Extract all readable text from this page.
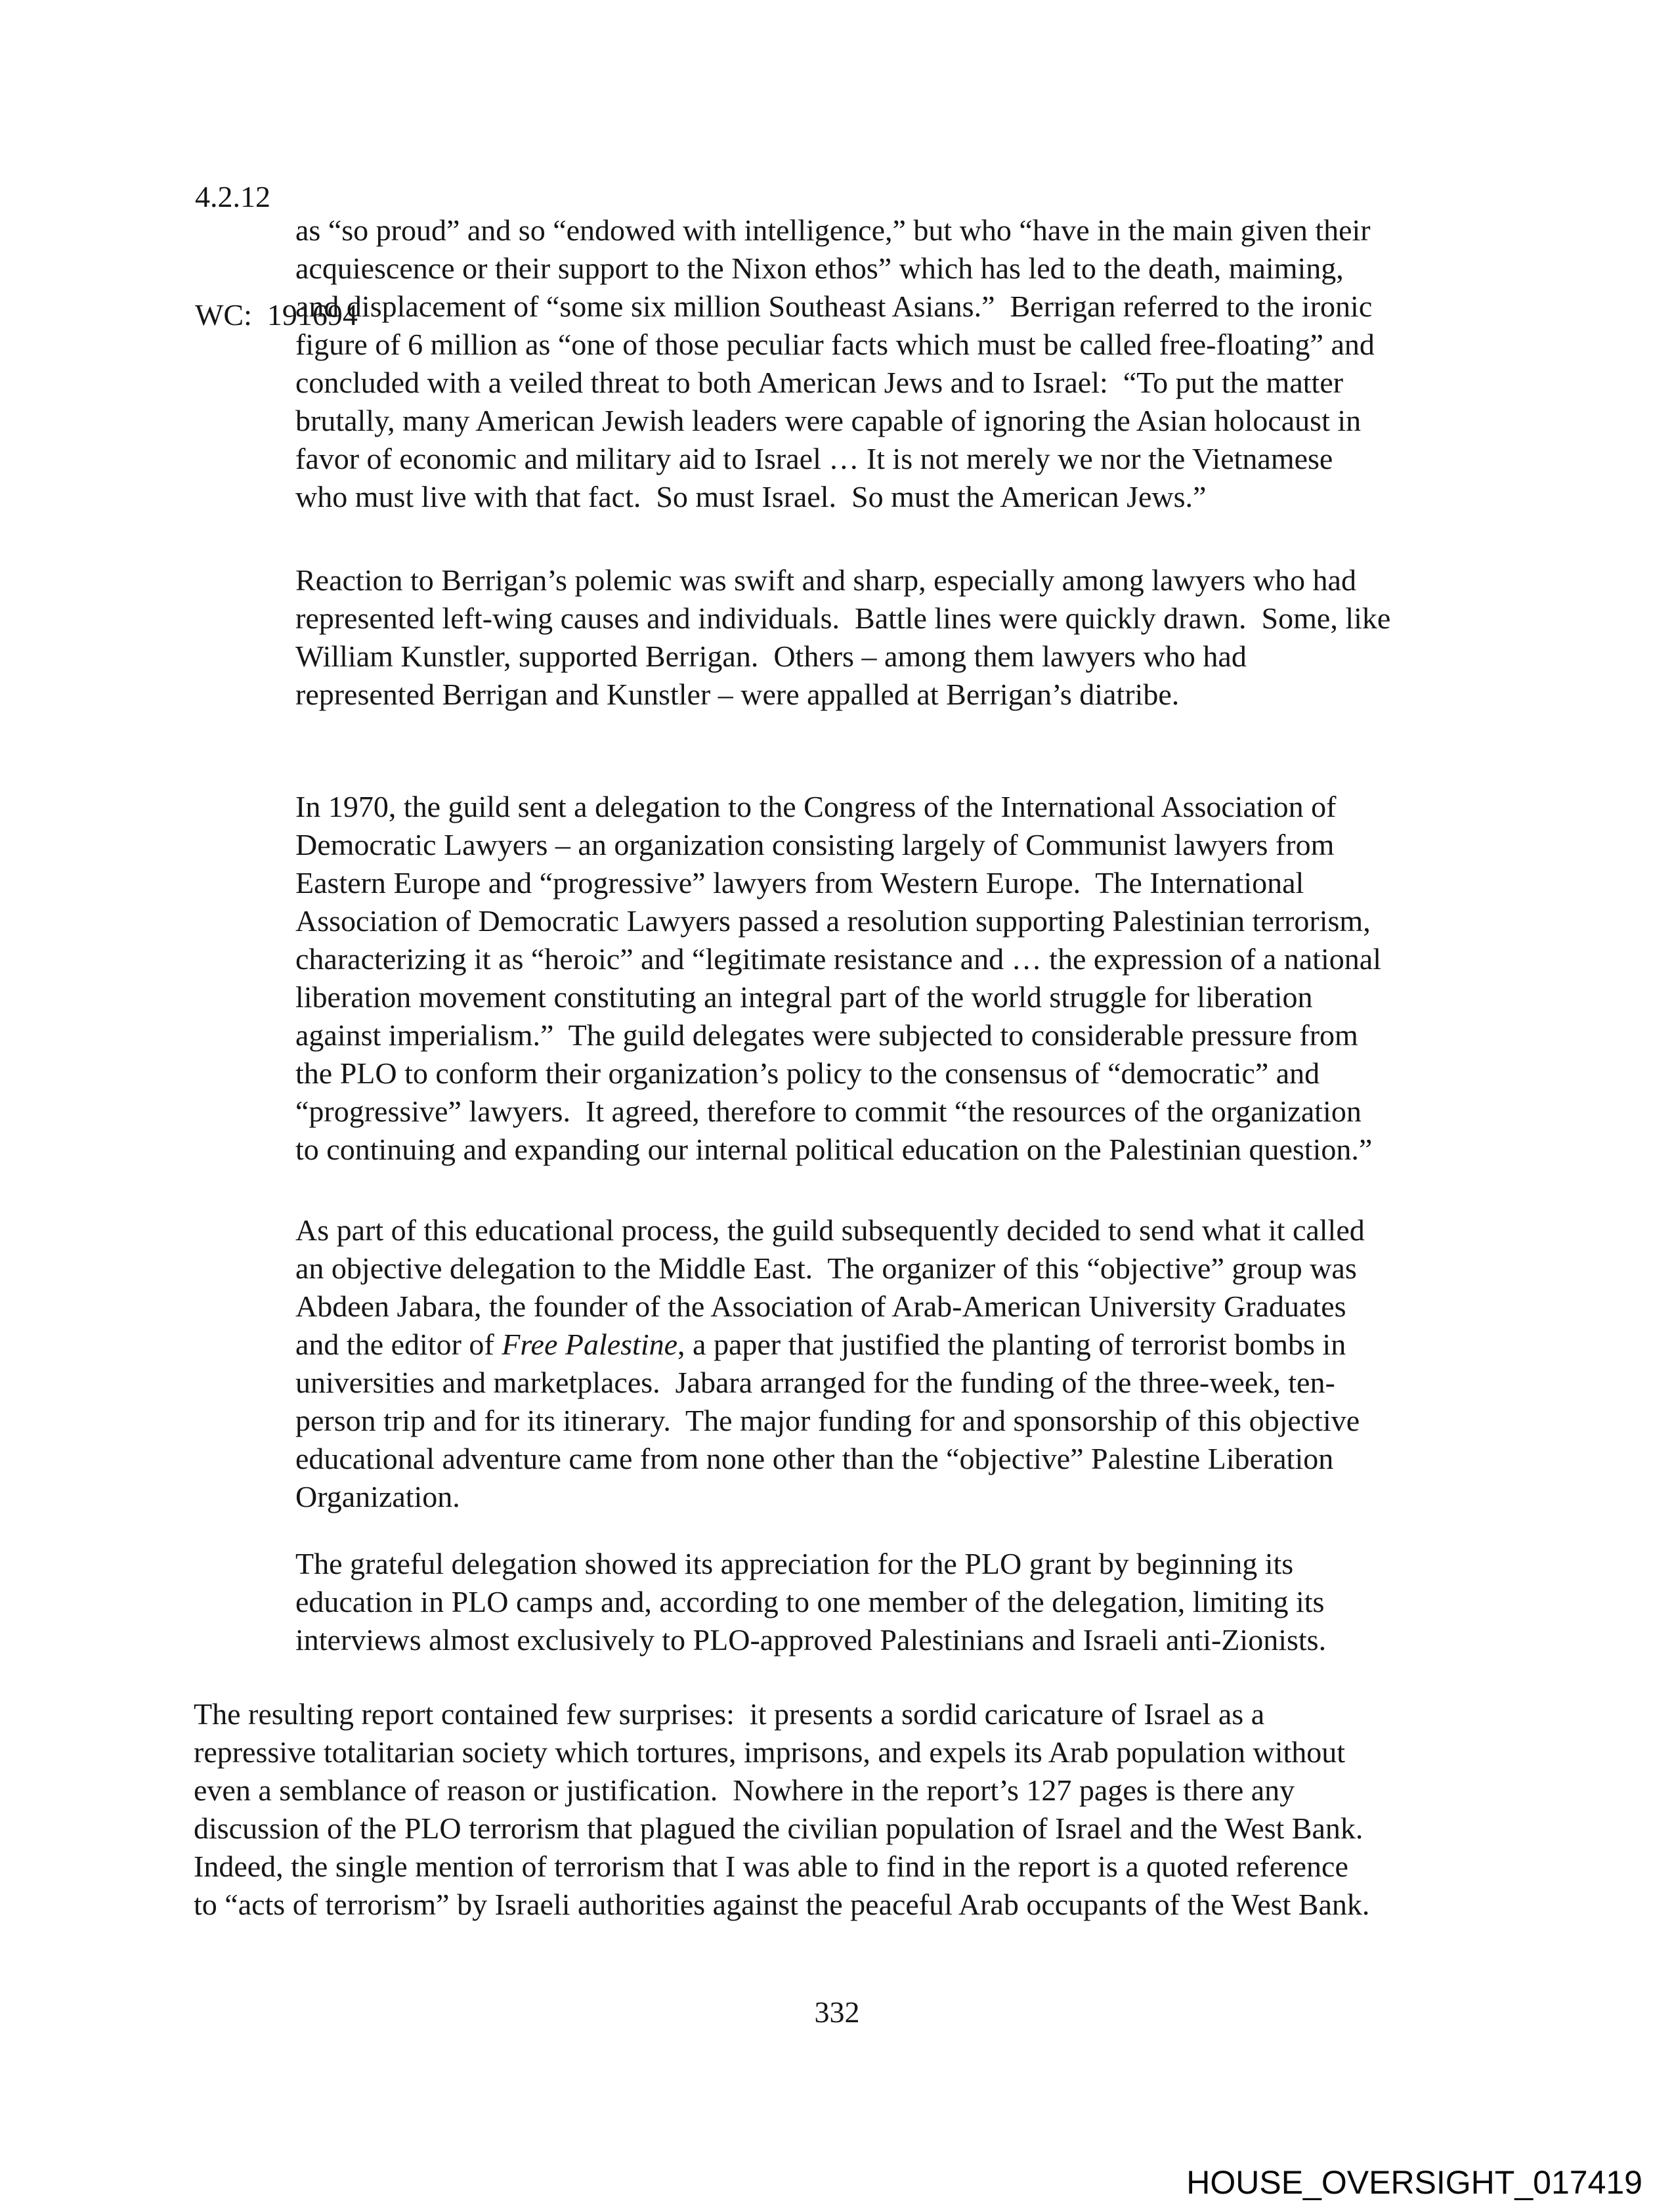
4.2.12

WC:  191694

as “so proud” and so “endowed with intelligence,” but who “have in the main given their
acquiescence or their support to the Nixon ethos” which has led to the death, maiming,
and displacement of “some six million Southeast Asians.”  Berrigan referred to the ironic
figure of 6 million as “one of those peculiar facts which must be called free-floating” and
concluded with a veiled threat to both American Jews and to Israel:  “To put the matter
brutally, many American Jewish leaders were capable of ignoring the Asian holocaust in
favor of economic and military aid to Israel … It is not merely we nor the Vietnamese
who must live with that fact.  So must Israel.  So must the American Jews.”
Reaction to Berrigan’s polemic was swift and sharp, especially among lawyers who had
represented left-wing causes and individuals.  Battle lines were quickly drawn.  Some, like
William Kunstler, supported Berrigan.  Others – among them lawyers who had
represented Berrigan and Kunstler – were appalled at Berrigan’s diatribe.
In 1970, the guild sent a delegation to the Congress of the International Association of
Democratic Lawyers – an organization consisting largely of Communist lawyers from
Eastern Europe and “progressive” lawyers from Western Europe.  The International
Association of Democratic Lawyers passed a resolution supporting Palestinian terrorism,
characterizing it as “heroic” and “legitimate resistance and … the expression of a national
liberation movement constituting an integral part of the world struggle for liberation
against imperialism.”  The guild delegates were subjected to considerable pressure from
the PLO to conform their organization’s policy to the consensus of “democratic” and
“progressive” lawyers.  It agreed, therefore to commit “the resources of the organization
to continuing and expanding our internal political education on the Palestinian question.”
As part of this educational process, the guild subsequently decided to send what it called
an objective delegation to the Middle East.  The organizer of this “objective” group was
Abdeen Jabara, the founder of the Association of Arab-American University Graduates
and the editor of Free Palestine, a paper that justified the planting of terrorist bombs in
universities and marketplaces.  Jabara arranged for the funding of the three-week, ten-
person trip and for its itinerary.  The major funding for and sponsorship of this objective
educational adventure came from none other than the “objective” Palestine Liberation
Organization.
The grateful delegation showed its appreciation for the PLO grant by beginning its
education in PLO camps and, according to one member of the delegation, limiting its
interviews almost exclusively to PLO-approved Palestinians and Israeli anti-Zionists.
The resulting report contained few surprises:  it presents a sordid caricature of Israel as a
repressive totalitarian society which tortures, imprisons, and expels its Arab population without
even a semblance of reason or justification.  Nowhere in the report’s 127 pages is there any
discussion of the PLO terrorism that plagued the civilian population of Israel and the West Bank.
Indeed, the single mention of terrorism that I was able to find in the report is a quoted reference
to “acts of terrorism” by Israeli authorities against the peaceful Arab occupants of the West Bank.
332
HOUSE_OVERSIGHT_017419
